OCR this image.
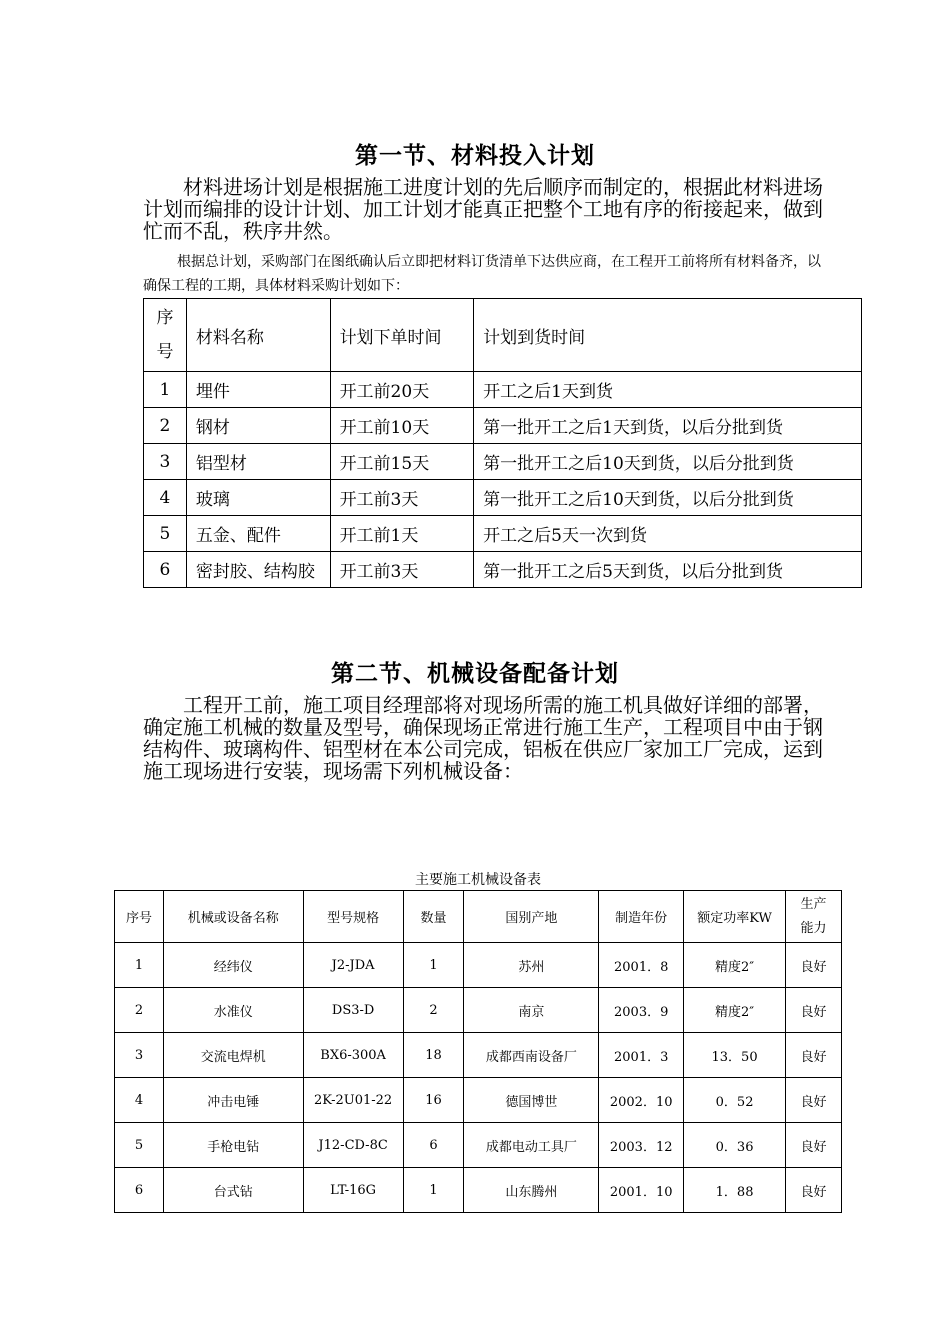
第一节、材料投入计划

材料进场计划是根据施工进度计划的先后顺序而制定的，根据此材料进场计划而编排的设计计划、加工计划才能真正把整个工地有序的衔接起来，做到忙而不乱，秩序井然。

根据总计划，采购部门在图纸确认后立即把材料订货清单下达供应商，在工程开工前将所有材料备齐，以确保工程的工期，具体材料采购计划如下：

序
号	材料名称	计划下单时间	计划到货时间
1	埋件	开工前20天	开工之后1天到货
2	钢材	开工前10天	第一批开工之后1天到货，以后分批到货
3	铝型材	开工前15天	第一批开工之后10天到货，以后分批到货
4	玻璃	开工前3天	第一批开工之后10天到货，以后分批到货
5	五金、配件	开工前1天	开工之后5天一次到货
6	密封胶、结构胶	开工前3天	第一批开工之后5天到货，以后分批到货
第二节、机械设备配备计划

工程开工前，施工项目经理部将对现场所需的施工机具做好详细的部署，确定施工机械的数量及型号，确保现场正常进行施工生产，工程项目中由于钢结构件、玻璃构件、铝型材在本公司完成，铝板在供应厂家加工厂完成，运到施工现场进行安装，现场需下列机械设备：

主要施工机械设备表

序号	机械或设备名称	型号规格	数量	国别产地	制造年份	额定功率KW	生产
能力
1	经纬仪	J2-JDA	1	苏州	2001．8	精度2″	良好
2	水准仪	DS3-D	2	南京	2003．9	精度2″	良好
3	交流电焊机	BX6-300A	18	成都西南设备厂	2001．3	13．50	良好
4	冲击电锤	2K-2U01-22	16	德国博世	2002．10	0．52	良好
5	手枪电钻	J12-CD-8C	6	成都电动工具厂	2003．12	0．36	良好
6	台式钻	LT-16G	1	山东腾州	2001．10	1．88	良好
